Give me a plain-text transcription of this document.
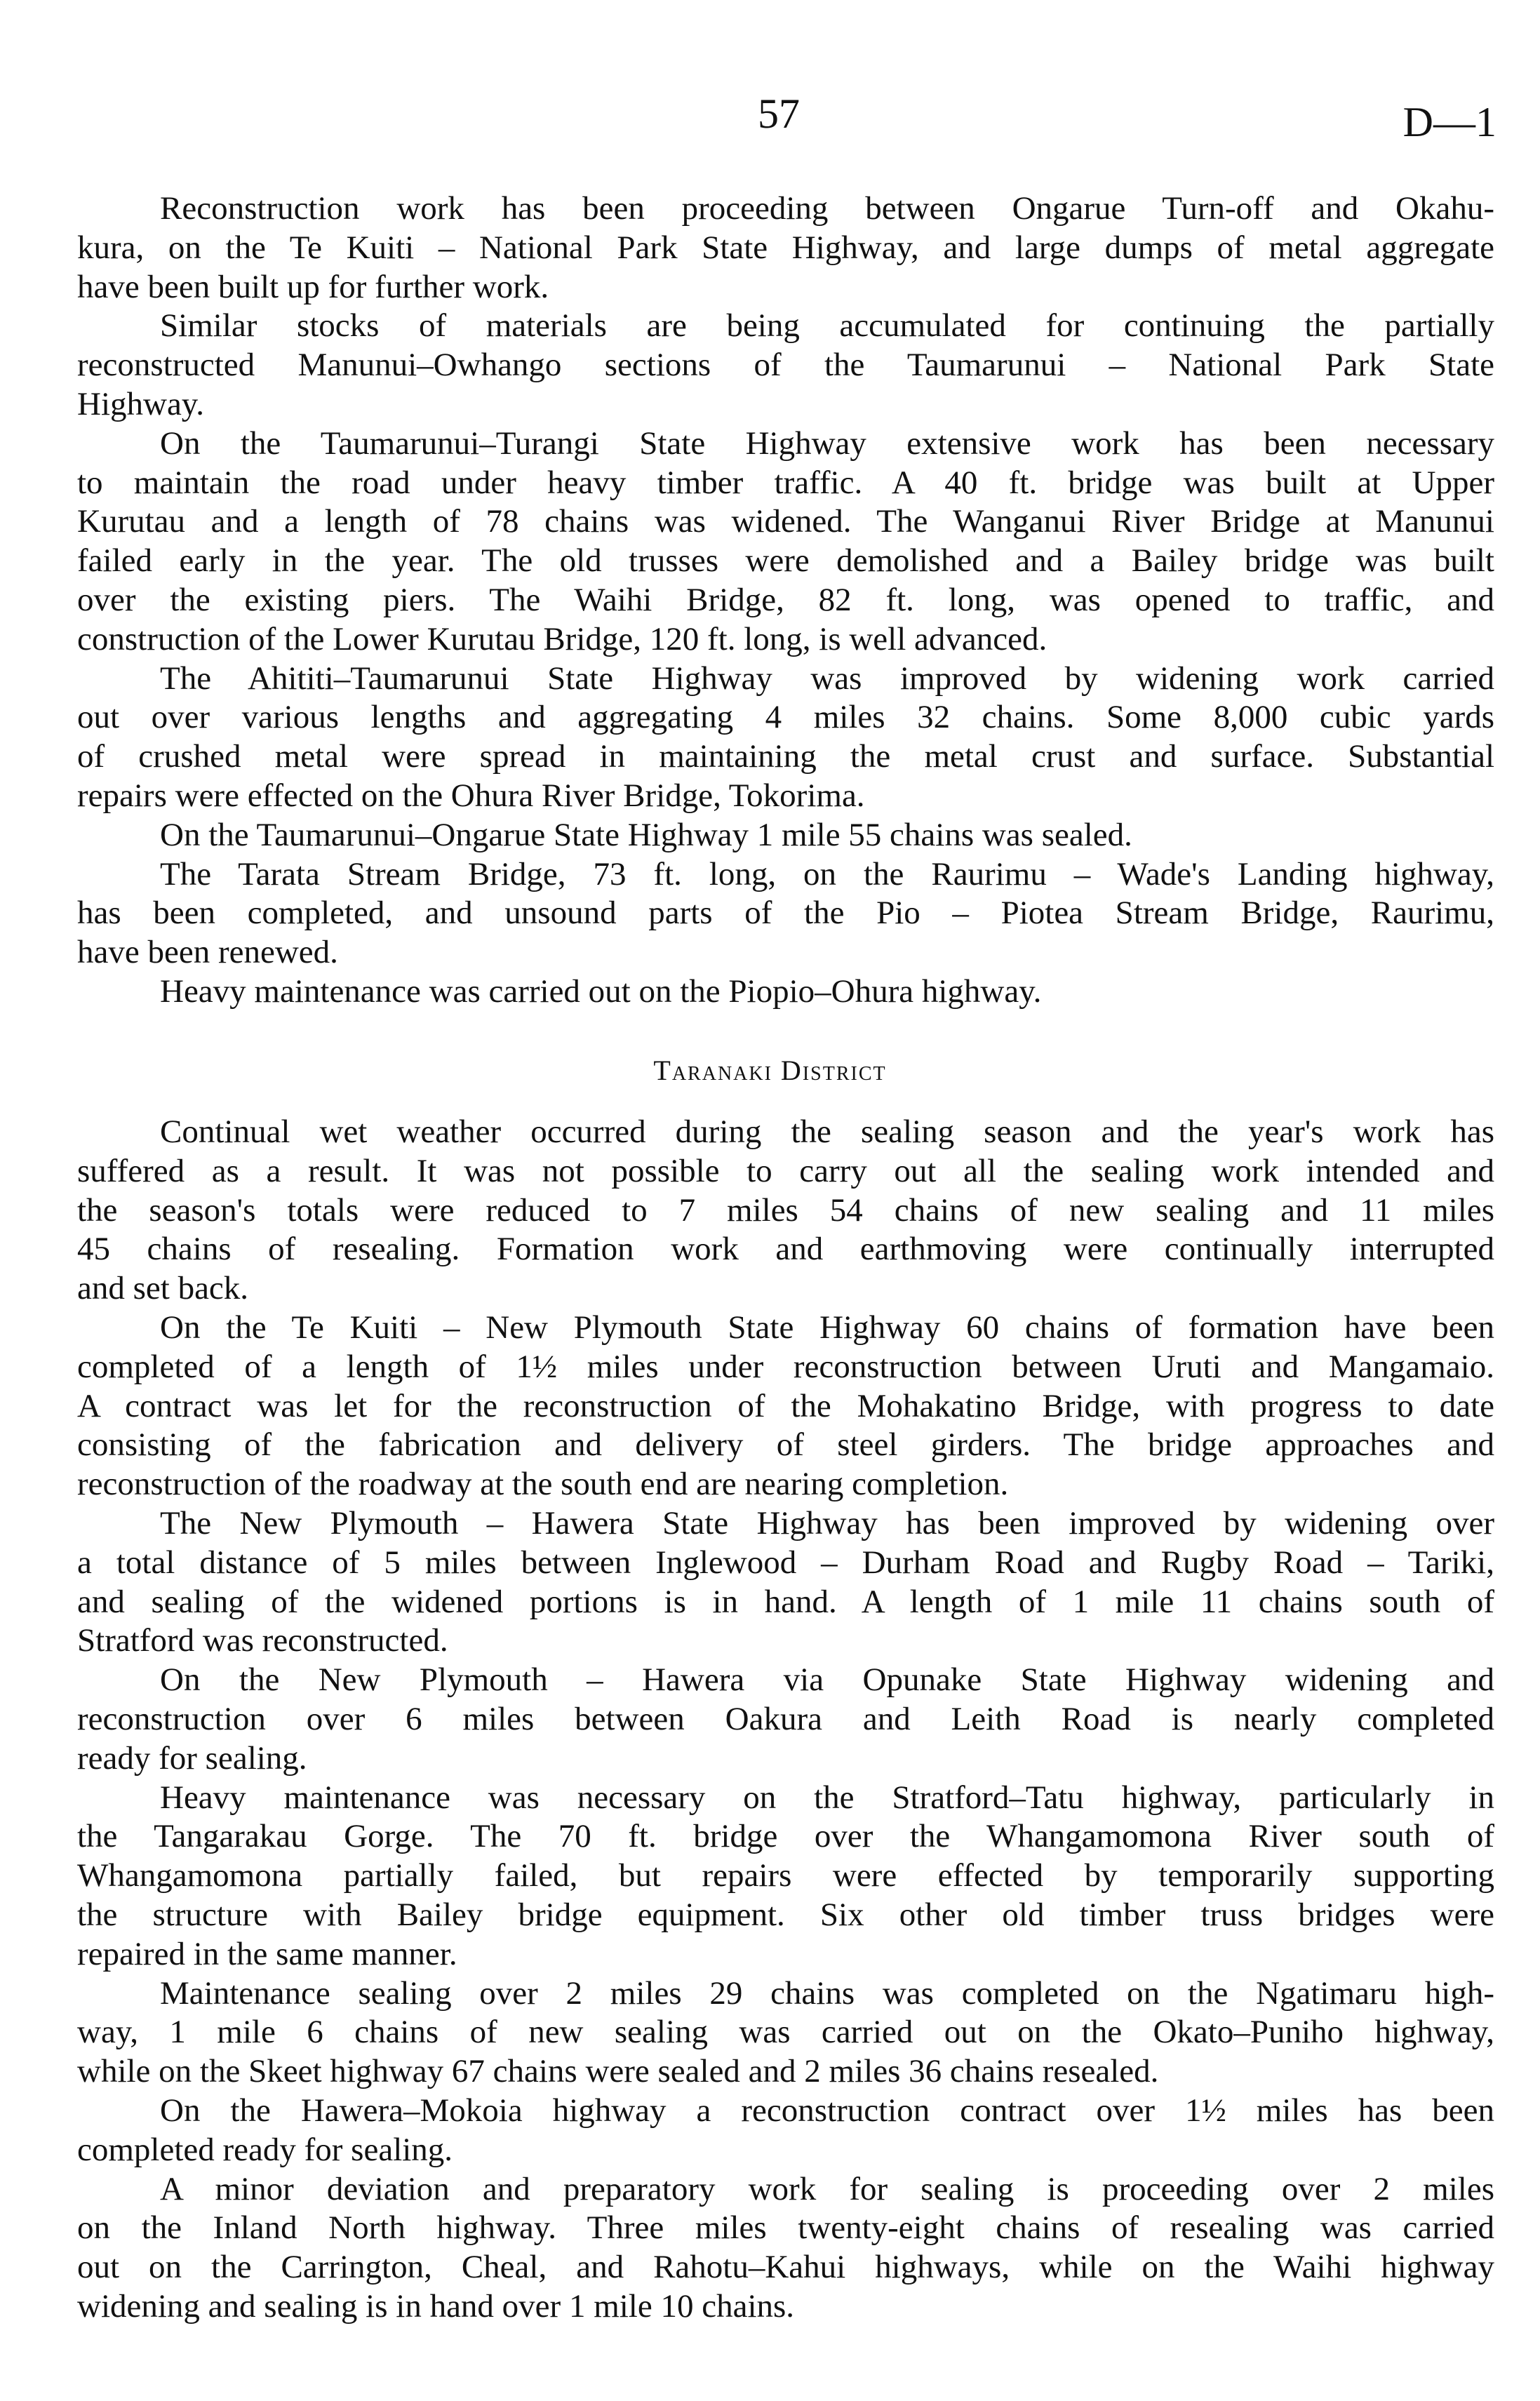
57	D—1
Reconstruction work has been proceeding between Ongarue Turn-off and Okahu-
kura, on the Te Kuiti – National Park State Highway, and large dumps of metal aggregate
have been built up for further work.
Similar stocks of materials are being accumulated for continuing the partially
reconstructed Manunui–Owhango sections of the Taumarunui – National Park State
Highway.
On the Taumarunui–Turangi State Highway extensive work has been necessary
to maintain the road under heavy timber traffic. A 40 ft. bridge was built at Upper
Kurutau and a length of 78 chains was widened. The Wanganui River Bridge at Manunui
failed early in the year. The old trusses were demolished and a Bailey bridge was built
over the existing piers. The Waihi Bridge, 82 ft. long, was opened to traffic, and
construction of the Lower Kurutau Bridge, 120 ft. long, is well advanced.
The Ahititi–Taumarunui State Highway was improved by widening work carried
out over various lengths and aggregating 4 miles 32 chains. Some 8,000 cubic yards
of crushed metal were spread in maintaining the metal crust and surface. Substantial
repairs were effected on the Ohura River Bridge, Tokorima.
On the Taumarunui–Ongarue State Highway 1 mile 55 chains was sealed.
The Tarata Stream Bridge, 73 ft. long, on the Raurimu – Wade's Landing highway,
has been completed, and unsound parts of the Pio – Piotea Stream Bridge, Raurimu,
have been renewed.
Heavy maintenance was carried out on the Piopio–Ohura highway.
Taranaki District
Continual wet weather occurred during the sealing season and the year's work has
suffered as a result. It was not possible to carry out all the sealing work intended and
the season's totals were reduced to 7 miles 54 chains of new sealing and 11 miles
45 chains of resealing. Formation work and earthmoving were continually interrupted
and set back.
On the Te Kuiti – New Plymouth State Highway 60 chains of formation have been
completed of a length of 1½ miles under reconstruction between Uruti and Mangamaio.
A contract was let for the reconstruction of the Mohakatino Bridge, with progress to date
consisting of the fabrication and delivery of steel girders. The bridge approaches and
reconstruction of the roadway at the south end are nearing completion.
The New Plymouth – Hawera State Highway has been improved by widening over
a total distance of 5 miles between Inglewood – Durham Road and Rugby Road – Tariki,
and sealing of the widened portions is in hand. A length of 1 mile 11 chains south of
Stratford was reconstructed.
On the New Plymouth – Hawera via Opunake State Highway widening and
reconstruction over 6 miles between Oakura and Leith Road is nearly completed
ready for sealing.
Heavy maintenance was necessary on the Stratford–Tatu highway, particularly in
the Tangarakau Gorge. The 70 ft. bridge over the Whangamomona River south of
Whangamomona partially failed, but repairs were effected by temporarily supporting
the structure with Bailey bridge equipment. Six other old timber truss bridges were
repaired in the same manner.
Maintenance sealing over 2 miles 29 chains was completed on the Ngatimaru high-
way, 1 mile 6 chains of new sealing was carried out on the Okato–Puniho highway,
while on the Skeet highway 67 chains were sealed and 2 miles 36 chains resealed.
On the Hawera–Mokoia highway a reconstruction contract over 1½ miles has been
completed ready for sealing.
A minor deviation and preparatory work for sealing is proceeding over 2 miles
on the Inland North highway. Three miles twenty-eight chains of resealing was carried
out on the Carrington, Cheal, and Rahotu–Kahui highways, while on the Waihi highway
widening and sealing is in hand over 1 mile 10 chains.
